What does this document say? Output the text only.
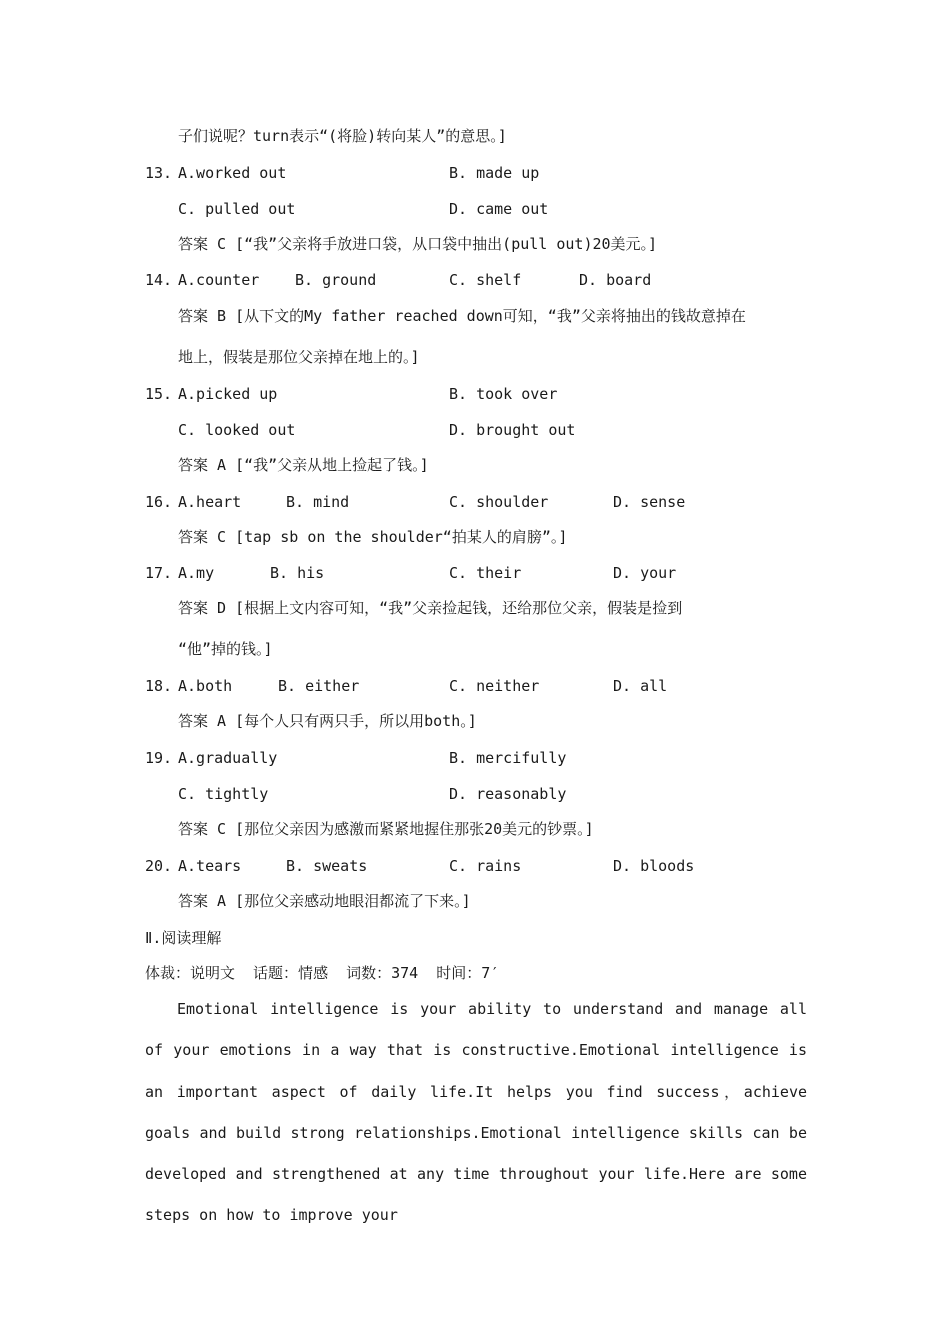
子们说呢？turn表示“(将脸)转向某人”的意思。]
13. A.worked out	B. made up
C. pulled out	D. came out
答案 C [“我”父亲将手放进口袋，从口袋中抽出(pull out)20美元。]
14. A.counter B. ground	C. shelf	D. board
答案 B [从下文的My father reached down可知，“我”父亲将抽出的钱故意掉在
地上，假装是那位父亲掉在地上的。]
15. A.picked up	B. took over
C. looked out	D. brought out
答案 A [“我”父亲从地上捡起了钱。]
16. A.heart	B. mind	C. shoulder	D. sense
答案 C [tap sb on the shoulder“拍某人的肩膀”。]
17. A.my	B. his	C. their	D. your
答案 D [根据上文内容可知，“我”父亲捡起钱，还给那位父亲，假装是捡到
“他”掉的钱。]
18. A.both	B. either	C. neither	D. all
答案 A [每个人只有两只手，所以用both。]
19. A.gradually	B. mercifully
C. tightly	D. reasonably
答案 C [那位父亲因为感激而紧紧地握住那张20美元的钞票。]
20. A.tears	B. sweats	C. rains	D. bloods
答案 A [那位父亲感动地眼泪都流了下来。]
Ⅱ.阅读理解
体裁：说明文  话题：情感  词数：374  时间：7′
Emotional intelligence is your ability to understand and manage all of your emotions in a way that is constructive.Emotional intelligence is an important aspect of daily life.It helps you find success，achieve goals and build strong relationships.Emotional intelligence skills can be developed and strengthened at any time throughout your life.Here are some steps on how to improve your
